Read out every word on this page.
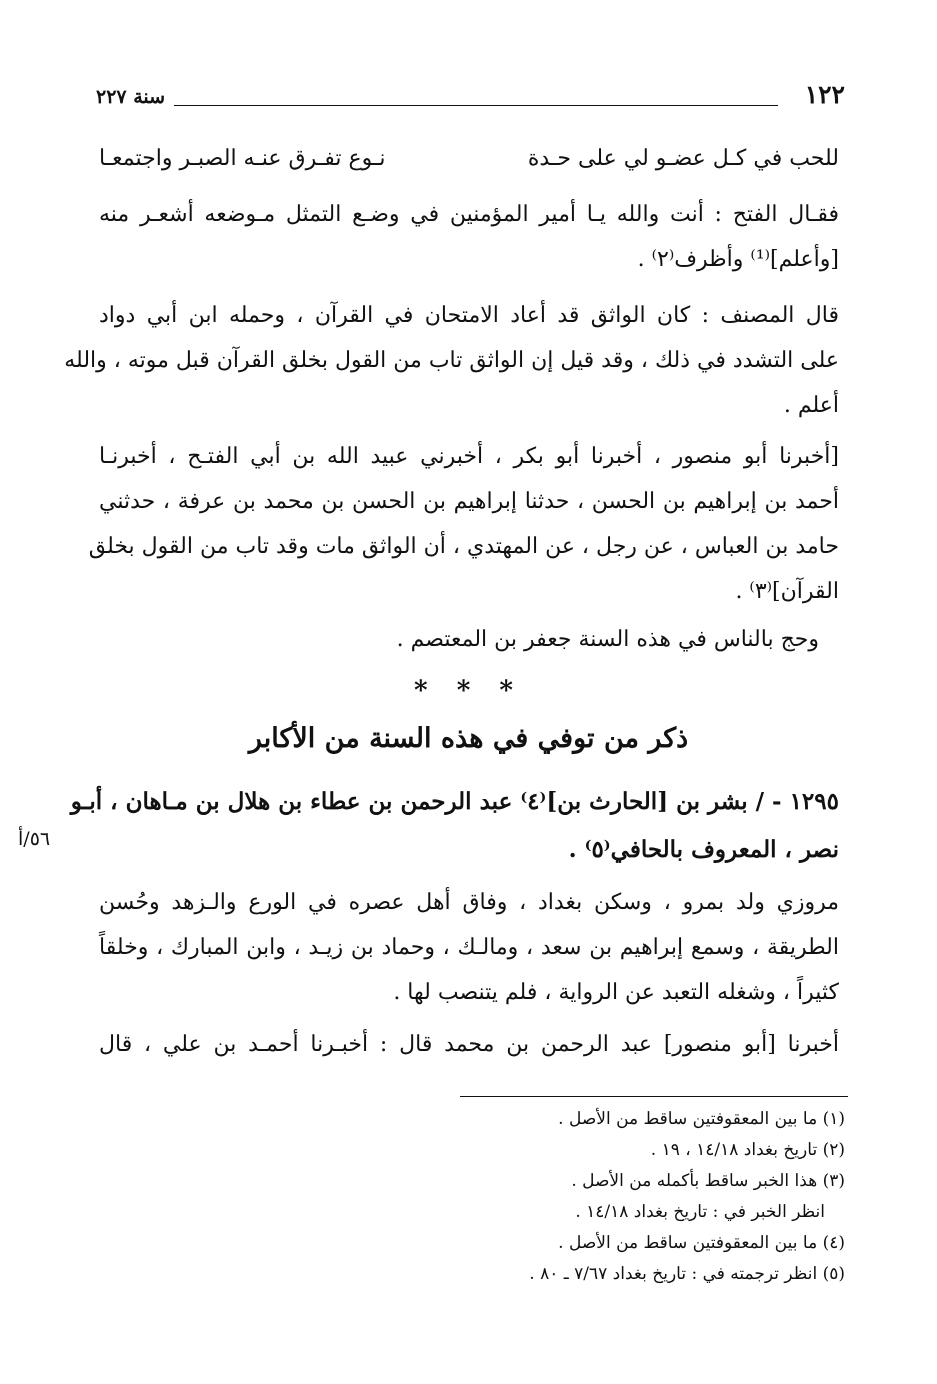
١٢٢
سنة ٢٢٧
للحب في كـل عضـو لي على حـدة
نـوع تفـرق عنـه الصبـر واجتمعـا
فقـال الفتح : أنت والله يـا أمير المؤمنين في وضـع التمثل مـوضعه أشعـر منه
[وأعلم]⁽¹⁾ وأظرف⁽٢⁾ .
قال المصنف : كان الواثق قد أعاد الامتحان في القرآن ، وحمله ابن أبي دواد
على التشدد في ذلك ، وقد قيل إن الواثق تاب من القول بخلق القرآن قبل موته ، والله
أعلم .
[أخبرنا أبو منصور ، أخبرنا أبو بكر ، أخبرني عبيد الله بن أبي الفتـح ، أخبرنـا
أحمد بن إبراهيم بن الحسن ، حدثنا إبراهيم بن الحسن بن محمد بن عرفة ، حدثني
حامد بن العباس ، عن رجل ، عن المهتدي ، أن الواثق مات وقد تاب من القول بخلق
القرآن]⁽٣⁾ .
وحج بالناس في هذه السنة جعفر بن المعتصم .
* * *
ذكر من توفي في هذه السنة من الأكابر
١٢٩٥ - / بشر بن [الحارث بن]⁽٤⁾ عبد الرحمن بن عطاء بن هلال بن مـاهان ، أبـو
نصر ، المعروف بالحافي⁽٥⁾ .
٥٦/أ
مروزي ولد بمرو ، وسكن بغداد ، وفاق أهل عصره في الورع والـزهد وحُسن
الطريقة ، وسمع إبراهيم بن سعد ، ومالـك ، وحماد بن زيـد ، وابن المبارك ، وخلقاً
كثيراً ، وشغله التعبد عن الرواية ، فلم يتنصب لها .
أخبرنا [أبو منصور] عبد الرحمن بن محمد قال : أخبـرنا أحمـد بن علي ، قال
(١) ما بين المعقوفتين ساقط من الأصل .
(٢) تاريخ بغداد ١٤/١٨ ، ١٩ .
(٣) هذا الخبر ساقط بأكمله من الأصل .
انظر الخبر في : تاريخ بغداد ١٤/١٨ .
(٤) ما بين المعقوفتين ساقط من الأصل .
(٥) انظر ترجمته في : تاريخ بغداد ٧/٦٧ ـ ٨٠ .
